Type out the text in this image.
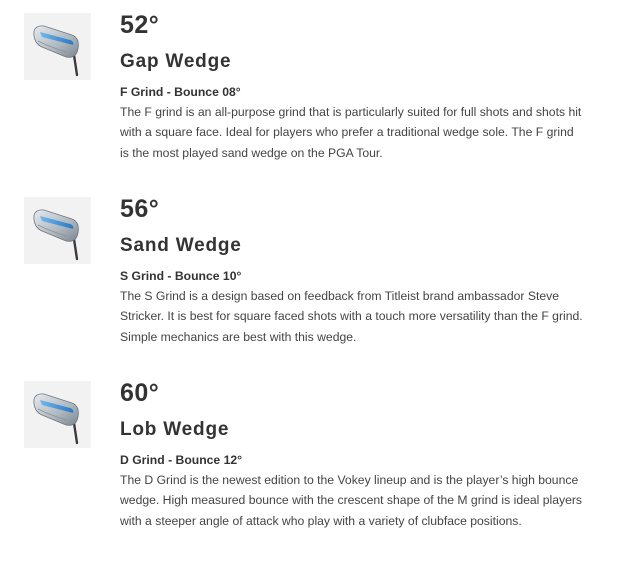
52°
Gap Wedge
F Grind - Bounce 08°

The F grind is an all-purpose grind that is particularly suited for full shots and shots hit with a square face. Ideal for players who prefer a traditional wedge sole. The F grind is the most played sand wedge on the PGA Tour.

56°
Sand Wedge
S Grind - Bounce 10°

The S Grind is a design based on feedback from Titleist brand ambassador Steve Stricker. It is best for square faced shots with a touch more versatility than the F grind. Simple mechanics are best with this wedge.

60°
Lob Wedge
D Grind - Bounce 12°

The D Grind is the newest edition to the Vokey lineup and is the player’s high bounce wedge. High measured bounce with the crescent shape of the M grind is ideal players with a steeper angle of attack who play with a variety of clubface positions.
